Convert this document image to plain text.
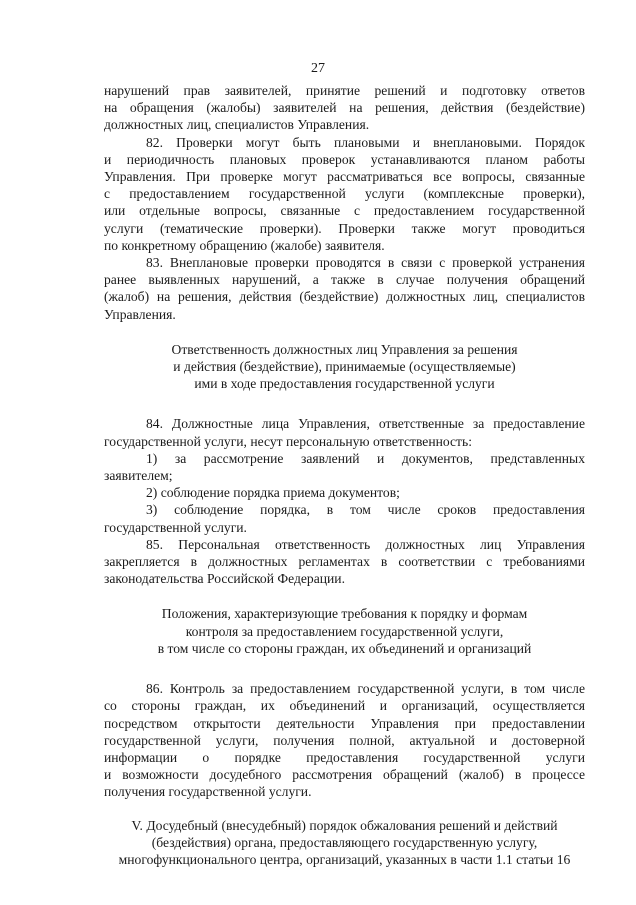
27

нарушений прав заявителей, принятие решений и подготовку ответов
на обращения (жалобы) заявителей на решения, действия (бездействие)
должностных лиц, специалистов Управления.

82. Проверки могут быть плановыми и внеплановыми. Порядок
и периодичность плановых проверок устанавливаются планом работы
Управления. При проверке могут рассматриваться все вопросы, связанные
с предоставлением государственной услуги (комплексные проверки),
или отдельные вопросы, связанные с предоставлением государственной
услуги (тематические проверки). Проверки также могут проводиться
по конкретному обращению (жалобе) заявителя.

83. Внеплановые проверки проводятся в связи с проверкой устранения
ранее выявленных нарушений, а также в случае получения обращений
(жалоб) на решения, действия (бездействие) должностных лиц, специалистов
Управления.

Ответственность должностных лиц Управления за решения
и действия (бездействие), принимаемые (осуществляемые)
ими в ходе предоставления государственной услуги

84. Должностные лица Управления, ответственные за предоставление
государственной услуги, несут персональную ответственность:

1) за рассмотрение заявлений и документов, представленных
заявителем;

2) соблюдение порядка приема документов;

3) соблюдение порядка, в том числе сроков предоставления
государственной услуги.

85. Персональная ответственность должностных лиц Управления
закрепляется в должностных регламентах в соответствии с требованиями
законодательства Российской Федерации.

Положения, характеризующие требования к порядку и формам
контроля за предоставлением государственной услуги,
в том числе со стороны граждан, их объединений и организаций

86. Контроль за предоставлением государственной услуги, в том числе
со стороны граждан, их объединений и организаций, осуществляется
посредством открытости деятельности Управления при предоставлении
государственной услуги, получения полной, актуальной и достоверной
информации о порядке предоставления государственной услуги
и возможности досудебного рассмотрения обращений (жалоб) в процессе
получения государственной услуги.

V. Досудебный (внесудебный) порядок обжалования решений и действий
(бездействия) органа, предоставляющего государственную услугу,
многофункционального центра, организаций, указанных в части 1.1 статьи 16
